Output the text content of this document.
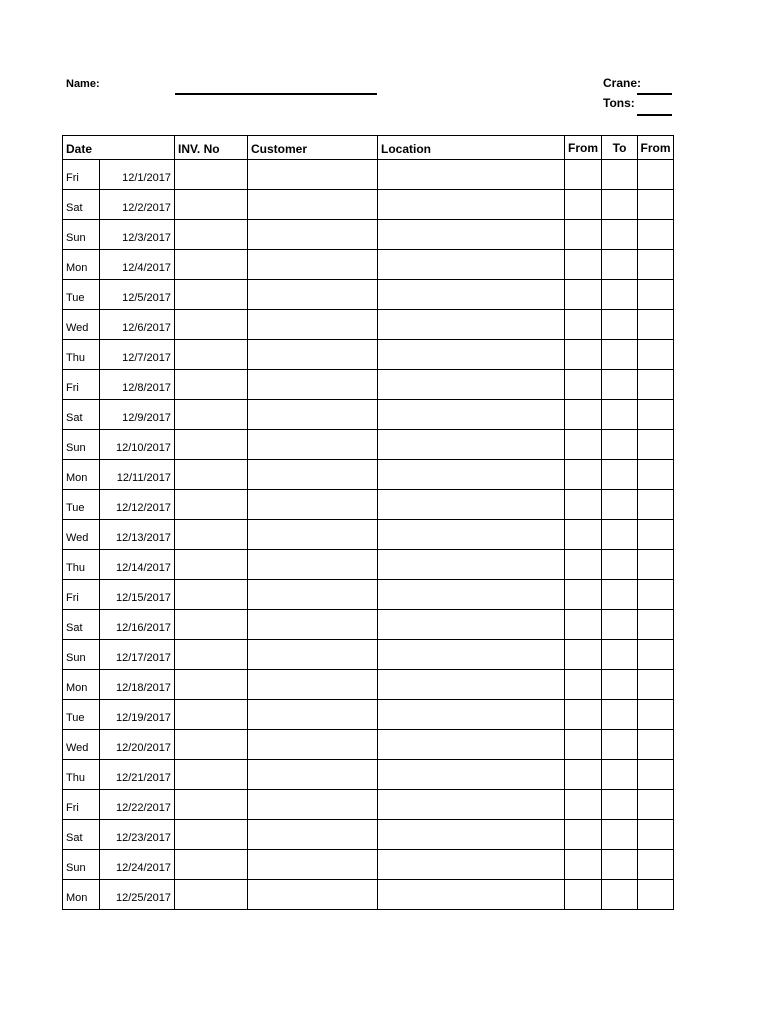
Name:	Crane:
Tons:
Date		INV. No	Customer	Location	From	To	From
Fri	12/1/2017						
Sat	12/2/2017						
Sun	12/3/2017						
Mon	12/4/2017						
Tue	12/5/2017						
Wed	12/6/2017						
Thu	12/7/2017						
Fri	12/8/2017						
Sat	12/9/2017						
Sun	12/10/2017						
Mon	12/11/2017						
Tue	12/12/2017						
Wed	12/13/2017						
Thu	12/14/2017						
Fri	12/15/2017						
Sat	12/16/2017						
Sun	12/17/2017						
Mon	12/18/2017						
Tue	12/19/2017						
Wed	12/20/2017						
Thu	12/21/2017						
Fri	12/22/2017						
Sat	12/23/2017						
Sun	12/24/2017						
Mon	12/25/2017						
